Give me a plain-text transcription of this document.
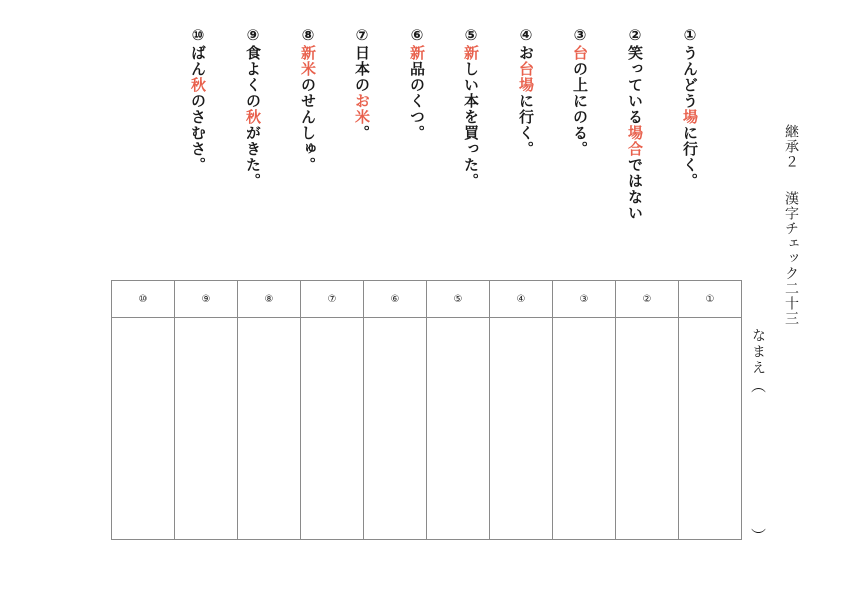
継承２漢字チェック二十三
なまえ
︵
︶
①うんどう場に行く。
②笑っている場合ではない
③台の上にのる。
④お台場に行く。
⑤新しい本を買った。
⑥新品のくつ。
⑦日本のお米。
⑧新米のせんしゅ。
⑨食よくの秋がきた。
⑩ばん秋のさむさ。
⑩	⑨	⑧	⑦	⑥	⑤	④	③	②	①
